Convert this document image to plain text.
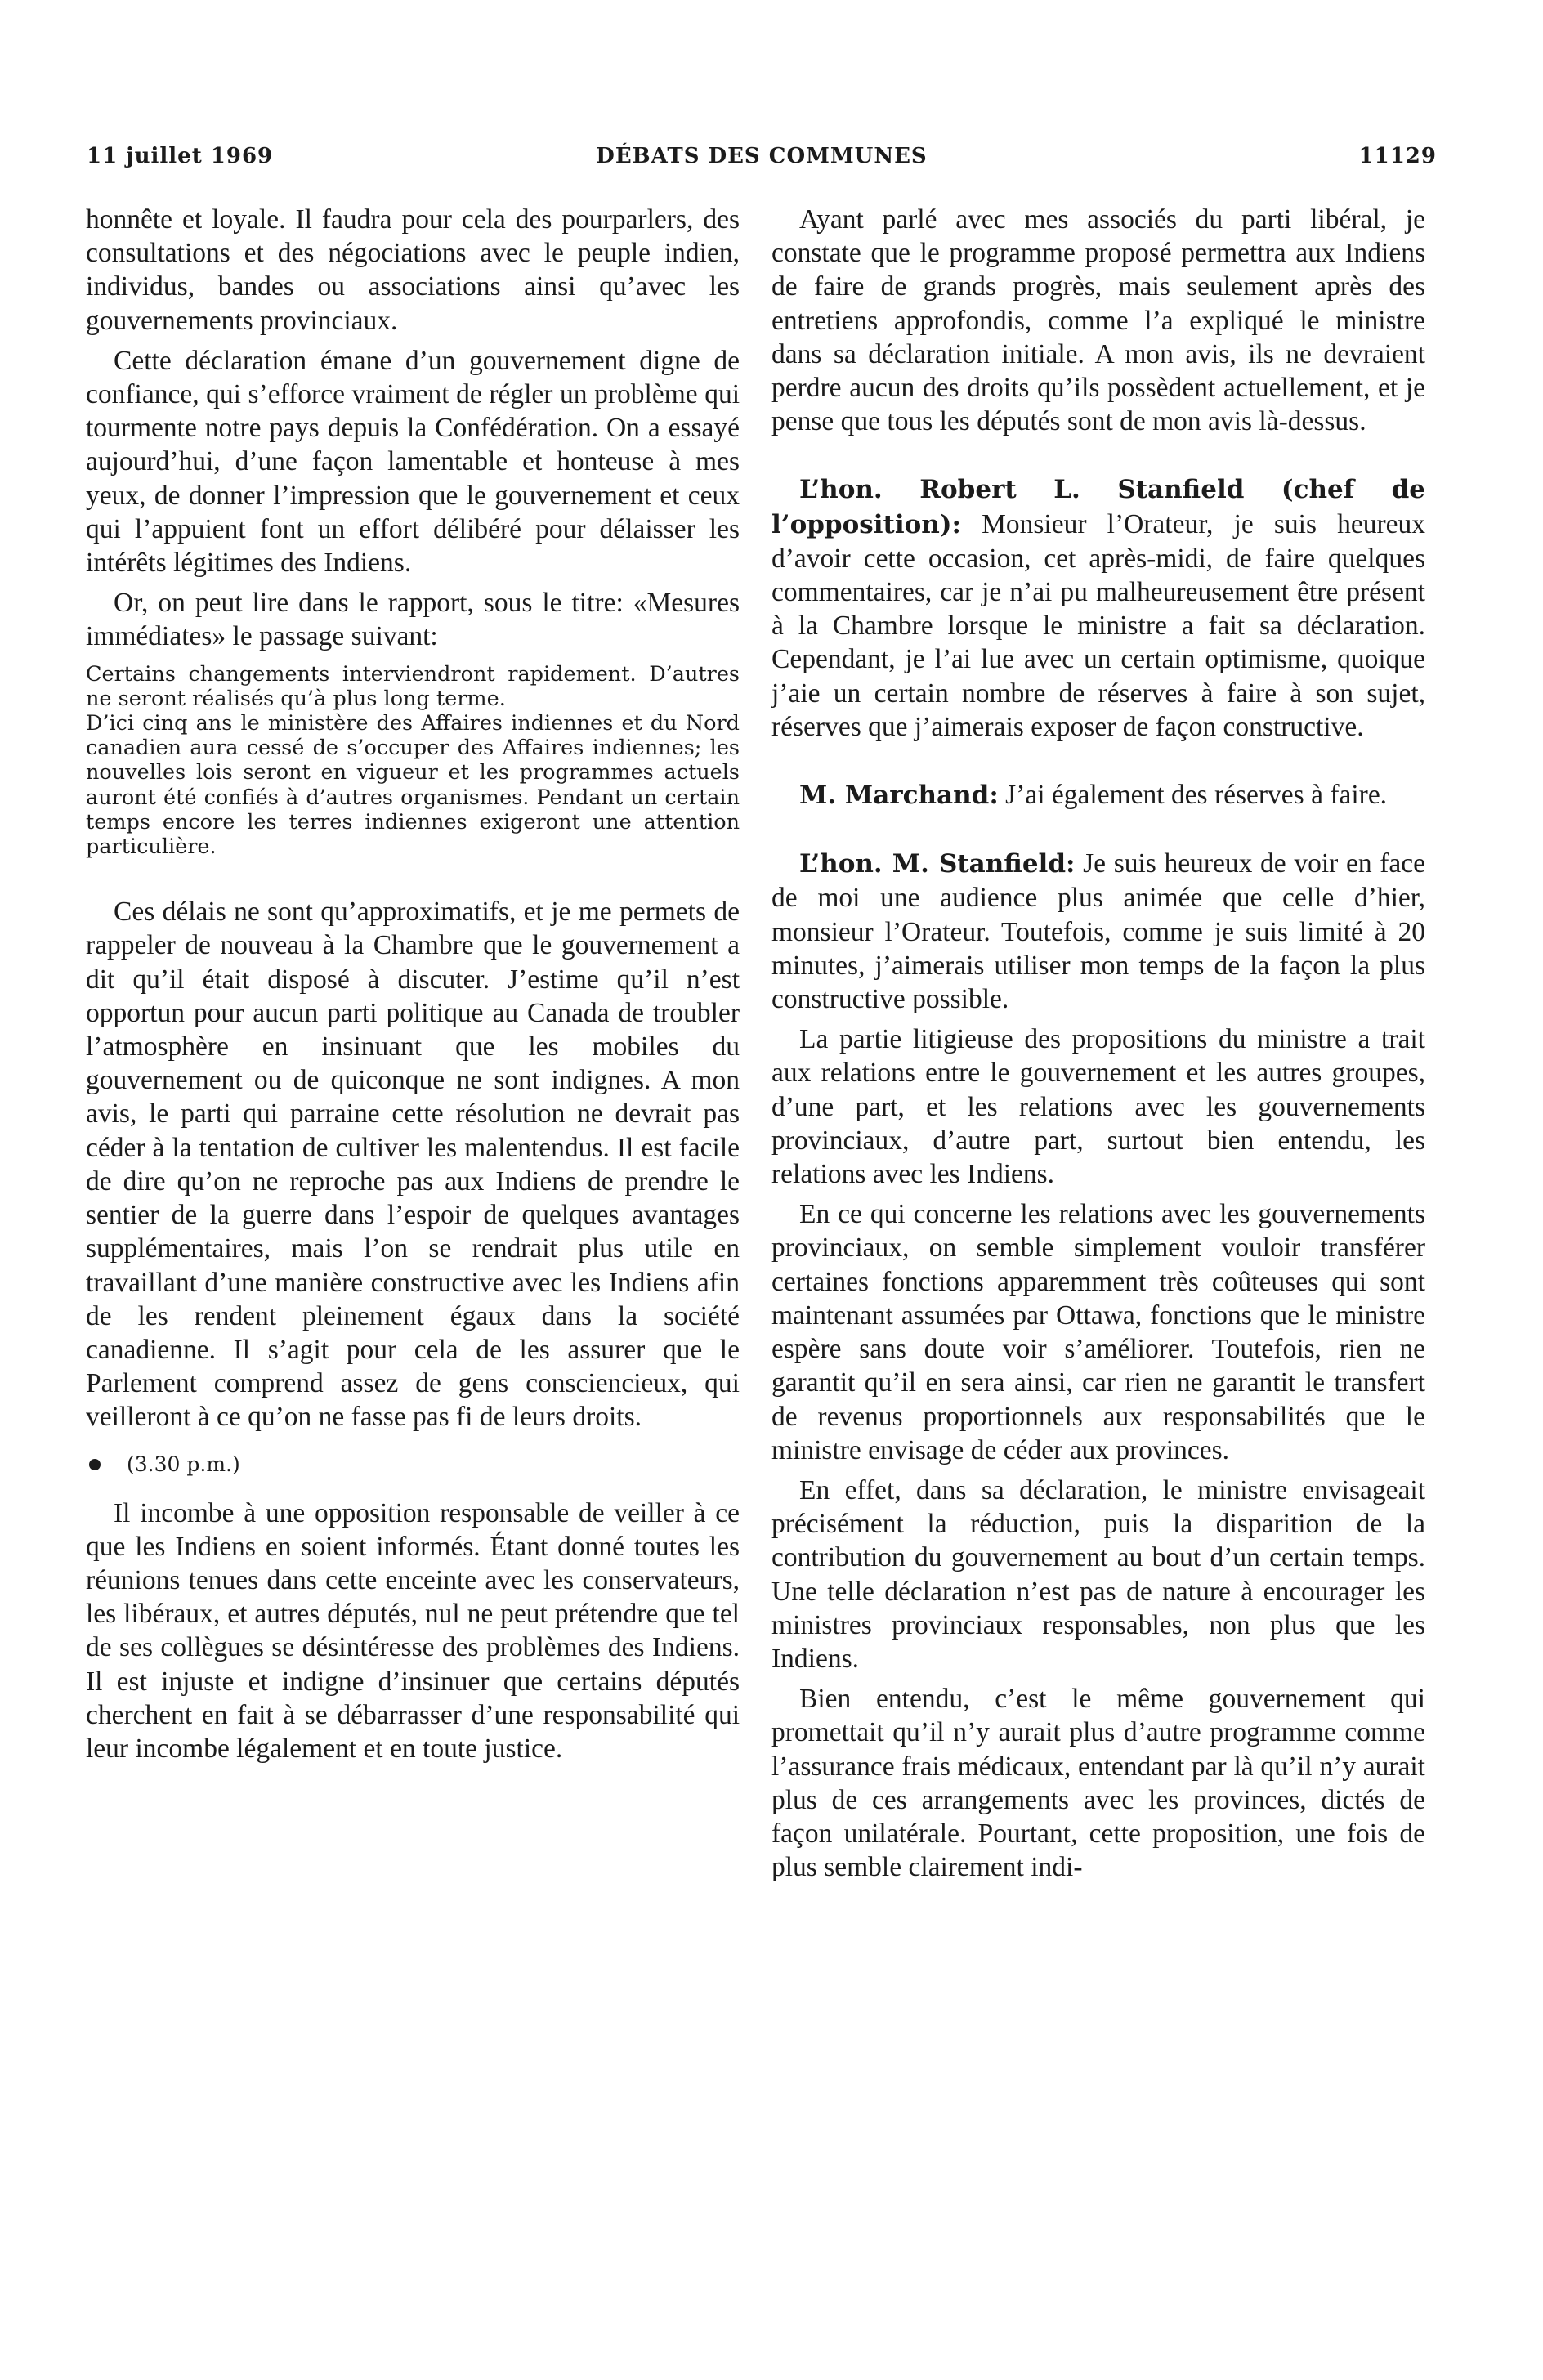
11 juillet 1969	DÉBATS DES COMMUNES	11129

honnête et loyale. Il faudra pour cela des pourparlers, des consultations et des négociations avec le peuple indien, individus, bandes ou associations ainsi qu’avec les gouvernements provinciaux.

Cette déclaration émane d’un gouvernement digne de confiance, qui s’efforce vraiment de régler un problème qui tourmente notre pays depuis la Confédération. On a essayé aujourd’hui, d’une façon lamentable et honteuse à mes yeux, de donner l’impression que le gouvernement et ceux qui l’appuient font un effort délibéré pour délaisser les intérêts légitimes des Indiens.

Or, on peut lire dans le rapport, sous le titre: «Mesures immédiates» le passage suivant:

Certains changements interviendront rapidement. D’autres ne seront réalisés qu’à plus long terme.

D’ici cinq ans le ministère des Affaires indiennes et du Nord canadien aura cessé de s’occuper des Affaires indiennes; les nouvelles lois seront en vigueur et les programmes actuels auront été confiés à d’autres organismes. Pendant un certain temps encore les terres indiennes exigeront une attention particulière.

Ces délais ne sont qu’approximatifs, et je me permets de rappeler de nouveau à la Chambre que le gouvernement a dit qu’il était disposé à discuter. J’estime qu’il n’est opportun pour aucun parti politique au Canada de troubler l’atmosphère en insinuant que les mobiles du gouvernement ou de quiconque ne sont indignes. A mon avis, le parti qui parraine cette résolution ne devrait pas céder à la tentation de cultiver les malentendus. Il est facile de dire qu’on ne reproche pas aux Indiens de prendre le sentier de la guerre dans l’espoir de quelques avantages supplémentaires, mais l’on se rendrait plus utile en travaillant d’une manière constructive avec les Indiens afin de les rendent pleinement égaux dans la société canadienne. Il s’agit pour cela de les assurer que le Parlement comprend assez de gens consciencieux, qui veilleront à ce qu’on ne fasse pas fi de leurs droits.

(3.30 p.m.)

Il incombe à une opposition responsable de veiller à ce que les Indiens en soient informés. Étant donné toutes les réunions tenues dans cette enceinte avec les conservateurs, les libéraux, et autres députés, nul ne peut prétendre que tel de ses collègues se désintéresse des problèmes des Indiens. Il est injuste et indigne d’insinuer que certains députés cherchent en fait à se débarrasser d’une responsabilité qui leur incombe légalement et en toute justice.

Ayant parlé avec mes associés du parti libéral, je constate que le programme proposé permettra aux Indiens de faire de grands progrès, mais seulement après des entretiens approfondis, comme l’a expliqué le ministre dans sa déclaration initiale. A mon avis, ils ne devraient perdre aucun des droits qu’ils possèdent actuellement, et je pense que tous les députés sont de mon avis là-dessus.

L’hon. Robert L. Stanfield (chef de l’opposition): Monsieur l’Orateur, je suis heureux d’avoir cette occasion, cet après-midi, de faire quelques commentaires, car je n’ai pu malheureusement être présent à la Chambre lorsque le ministre a fait sa déclaration. Cependant, je l’ai lue avec un certain optimisme, quoique j’aie un certain nombre de réserves à faire à son sujet, réserves que j’aimerais exposer de façon constructive.

M. Marchand: J’ai également des réserves à faire.

L’hon. M. Stanfield: Je suis heureux de voir en face de moi une audience plus animée que celle d’hier, monsieur l’Orateur. Toutefois, comme je suis limité à 20 minutes, j’aimerais utiliser mon temps de la façon la plus constructive possible.

La partie litigieuse des propositions du ministre a trait aux relations entre le gouvernement et les autres groupes, d’une part, et les relations avec les gouvernements provinciaux, d’autre part, surtout bien entendu, les relations avec les Indiens.

En ce qui concerne les relations avec les gouvernements provinciaux, on semble simplement vouloir transférer certaines fonctions apparemment très coûteuses qui sont maintenant assumées par Ottawa, fonctions que le ministre espère sans doute voir s’améliorer. Toutefois, rien ne garantit qu’il en sera ainsi, car rien ne garantit le transfert de revenus proportionnels aux responsabilités que le ministre envisage de céder aux provinces.

En effet, dans sa déclaration, le ministre envisageait précisément la réduction, puis la disparition de la contribution du gouvernement au bout d’un certain temps. Une telle déclaration n’est pas de nature à encourager les ministres provinciaux responsables, non plus que les Indiens.

Bien entendu, c’est le même gouvernement qui promettait qu’il n’y aurait plus d’autre programme comme l’assurance frais médicaux, entendant par là qu’il n’y aurait plus de ces arrangements avec les provinces, dictés de façon unilatérale. Pourtant, cette proposition, une fois de plus semble clairement indi-
